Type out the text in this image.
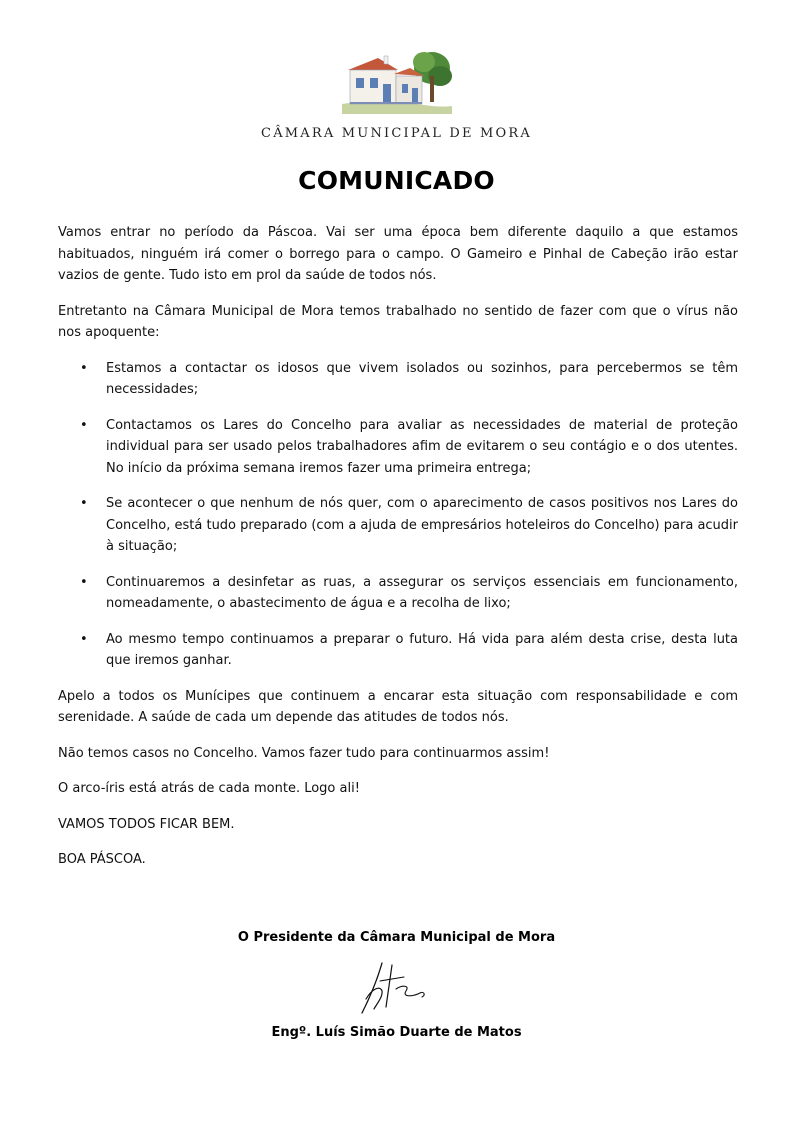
CÂMARA MUNICIPAL DE MORA
COMUNICADO

Vamos entrar no período da Páscoa. Vai ser uma época bem diferente daquilo a que estamos habituados, ninguém irá comer o borrego para o campo. O Gameiro e Pinhal de Cabeção irão estar vazios de gente. Tudo isto em prol da saúde de todos nós.

Entretanto na Câmara Municipal de Mora temos trabalhado no sentido de fazer com que o vírus não nos apoquente:

• Estamos a contactar os idosos que vivem isolados ou sozinhos, para percebermos se têm necessidades;
• Contactamos os Lares do Concelho para avaliar as necessidades de material de proteção individual para ser usado pelos trabalhadores afim de evitarem o seu contágio e o dos utentes. No início da próxima semana iremos fazer uma primeira entrega;
• Se acontecer o que nenhum de nós quer, com o aparecimento de casos positivos nos Lares do Concelho, está tudo preparado (com a ajuda de empresários hoteleiros do Concelho) para acudir à situação;
• Continuaremos a desinfetar as ruas, a assegurar os serviços essenciais em funcionamento, nomeadamente, o abastecimento de água e a recolha de lixo;
• Ao mesmo tempo continuamos a preparar o futuro. Há vida para além desta crise, desta luta que iremos ganhar.

Apelo a todos os Munícipes que continuem a encarar esta situação com responsabilidade e com serenidade. A saúde de cada um depende das atitudes de todos nós.

Não temos casos no Concelho. Vamos fazer tudo para continuarmos assim!

O arco-íris está atrás de cada monte. Logo ali!

VAMOS TODOS FICAR BEM.

BOA PÁSCOA.

O Presidente da Câmara Municipal de Mora

Engº. Luís Simão Duarte de Matos
